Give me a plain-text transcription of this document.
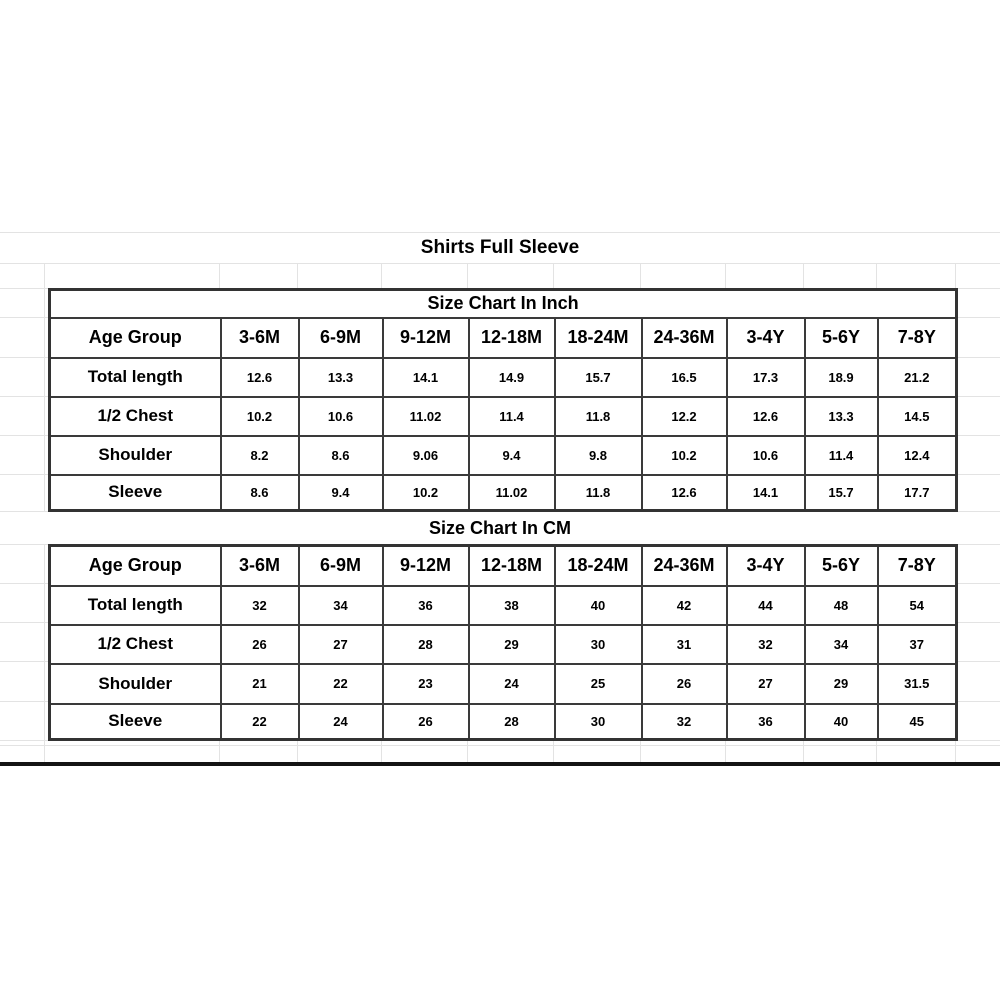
Shirts Full Sleeve
Size Chart In Inch									
Age Group	3-6M	6-9M	9-12M	12-18M	18-24M	24-36M	3-4Y	5-6Y	7-8Y
Total length	12.6	13.3	14.1	14.9	15.7	16.5	17.3	18.9	21.2
1/2 Chest	10.2	10.6	11.02	11.4	11.8	12.2	12.6	13.3	14.5
Shoulder	8.2	8.6	9.06	9.4	9.8	10.2	10.6	11.4	12.4
Sleeve	8.6	9.4	10.2	11.02	11.8	12.6	14.1	15.7	17.7
Size Chart In CM
Age Group	3-6M	6-9M	9-12M	12-18M	18-24M	24-36M	3-4Y	5-6Y	7-8Y
Total length	32	34	36	38	40	42	44	48	54
1/2 Chest	26	27	28	29	30	31	32	34	37
Shoulder	21	22	23	24	25	26	27	29	31.5
Sleeve	22	24	26	28	30	32	36	40	45
